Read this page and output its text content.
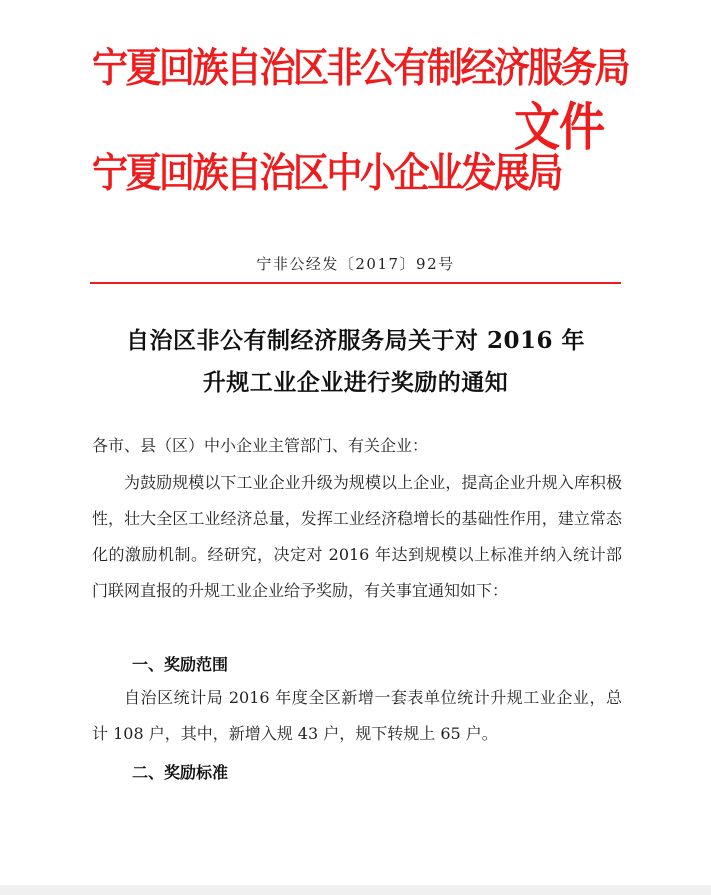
宁夏回族自治区非公有制经济服务局
宁夏回族自治区中小企业发展局
文件
宁非公经发〔2017〕92号
自治区非公有制经济服务局关于对 2016 年
升规工业企业进行奖励的通知
各市、县（区）中小企业主管部门、有关企业：
为鼓励规模以下工业企业升级为规模以上企业，提高企业升规入库积极性，壮大全区工业经济总量，发挥工业经济稳增长的基础性作用，建立常态化的激励机制。经研究，决定对 2016 年达到规模以上标准并纳入统计部门联网直报的升规工业企业给予奖励，有关事宜通知如下：
一、奖励范围
自治区统计局 2016 年度全区新增一套表单位统计升规工业企业，总计 108 户，其中，新增入规 43 户，规下转规上 65 户。
二、奖励标准
